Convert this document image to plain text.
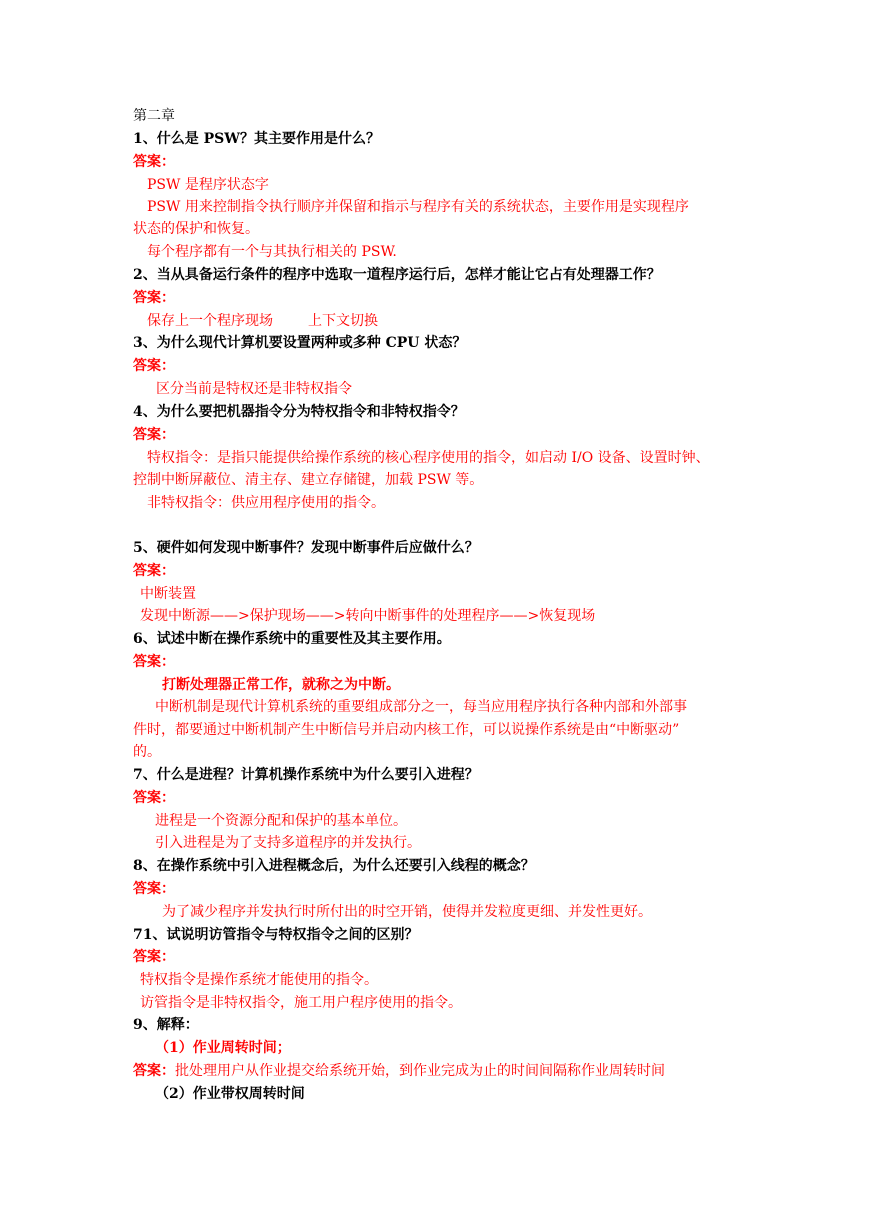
第二章
1、什么是 PSW？其主要作用是什么？
答案：
PSW 是程序状态字
PSW 用来控制指令执行顺序并保留和指示与程序有关的系统状态，主要作用是实现程序
状态的保护和恢复。
每个程序都有一个与其执行相关的 PSW.
2、当从具备运行条件的程序中选取一道程序运行后，怎样才能让它占有处理器工作？
答案：
保存上一个程序现场	上下文切换
3、为什么现代计算机要设置两种或多种 CPU 状态？
答案：
区分当前是特权还是非特权指令
4、为什么要把机器指令分为特权指令和非特权指令？
答案：
特权指令：是指只能提供给操作系统的核心程序使用的指令，如启动 I/O 设备、设置时钟、
控制中断屏蔽位、清主存、建立存储键，加载 PSW 等。
非特权指令：供应用程序使用的指令。
5、硬件如何发现中断事件？发现中断事件后应做什么？
答案：
中断装置
发现中断源——>保护现场——>转向中断事件的处理程序——>恢复现场
6、试述中断在操作系统中的重要性及其主要作用。
答案：
打断处理器正常工作，就称之为中断。
中断机制是现代计算机系统的重要组成部分之一，每当应用程序执行各种内部和外部事
件时，都要通过中断机制产生中断信号并启动内核工作，可以说操作系统是由“中断驱动”
的。
7、什么是进程？计算机操作系统中为什么要引入进程？
答案：
进程是一个资源分配和保护的基本单位。
引入进程是为了支持多道程序的并发执行。
8、在操作系统中引入进程概念后，为什么还要引入线程的概念？
答案：
为了减少程序并发执行时所付出的时空开销，使得并发粒度更细、并发性更好。
71、试说明访管指令与特权指令之间的区别？
答案：
特权指令是操作系统才能使用的指令。
访管指令是非特权指令，施工用户程序使用的指令。
9、解释：
（1）作业周转时间；
答案：批处理用户从作业提交给系统开始，到作业完成为止的时间间隔称作业周转时间
（2）作业带权周转时间
